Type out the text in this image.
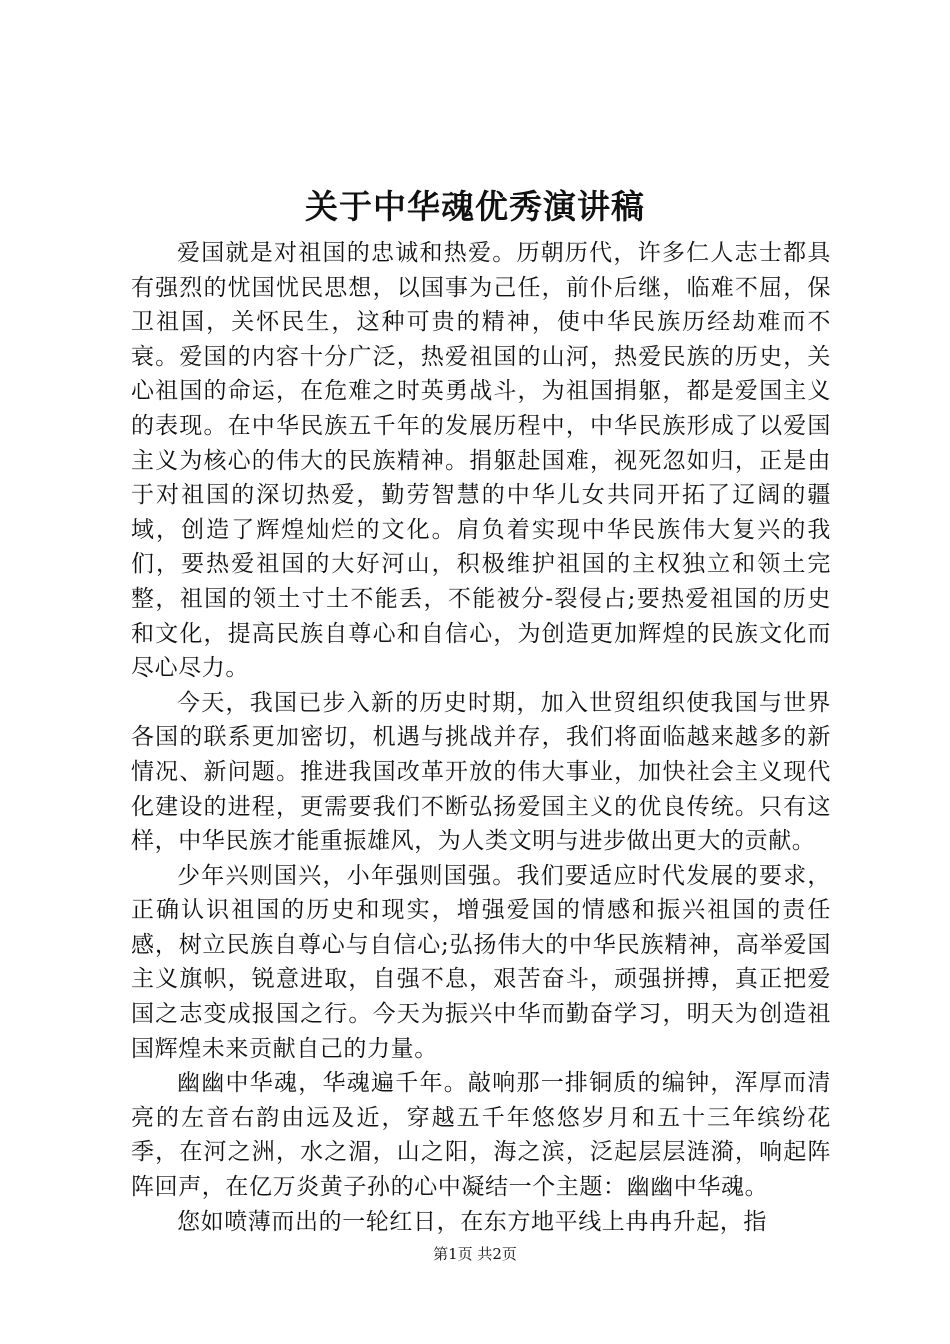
关于中华魂优秀演讲稿

爱国就是对祖国的忠诚和热爱。历朝历代，许多仁人志士都具有强烈的忧国忧民思想，以国事为己任，前仆后继，临难不屈，保卫祖国，关怀民生，这种可贵的精神，使中华民族历经劫难而不衰。爱国的内容十分广泛，热爱祖国的山河，热爱民族的历史，关心祖国的命运，在危难之时英勇战斗，为祖国捐躯，都是爱国主义的表现。在中华民族五千年的发展历程中，中华民族形成了以爱国主义为核心的伟大的民族精神。捐躯赴国难，视死忽如归，正是由于对祖国的深切热爱，勤劳智慧的中华儿女共同开拓了辽阔的疆域，创造了辉煌灿烂的文化。肩负着实现中华民族伟大复兴的我们，要热爱祖国的大好河山，积极维护祖国的主权独立和领土完整，祖国的领土寸土不能丢，不能被分-裂侵占;要热爱祖国的历史和文化，提高民族自尊心和自信心，为创造更加辉煌的民族文化而尽心尽力。

今天，我国已步入新的历史时期，加入世贸组织使我国与世界各国的联系更加密切，机遇与挑战并存，我们将面临越来越多的新情况、新问题。推进我国改革开放的伟大事业，加快社会主义现代化建设的进程，更需要我们不断弘扬爱国主义的优良传统。只有这样，中华民族才能重振雄风，为人类文明与进步做出更大的贡献。

少年兴则国兴，小年强则国强。我们要适应时代发展的要求，正确认识祖国的历史和现实，增强爱国的情感和振兴祖国的责任感，树立民族自尊心与自信心;弘扬伟大的中华民族精神，高举爱国主义旗帜，锐意进取，自强不息，艰苦奋斗，顽强拼搏，真正把爱国之志变成报国之行。今天为振兴中华而勤奋学习，明天为创造祖国辉煌未来贡献自己的力量。

幽幽中华魂，华魂遍千年。敲响那一排铜质的编钟，浑厚而清亮的左音右韵由远及近，穿越五千年悠悠岁月和五十三年缤纷花季，在河之洲，水之湄，山之阳，海之滨，泛起层层涟漪，响起阵阵回声，在亿万炎黄子孙的心中凝结一个主题：幽幽中华魂。

您如喷薄而出的一轮红日，在东方地平线上冉冉升起，指

第1页 共2页
